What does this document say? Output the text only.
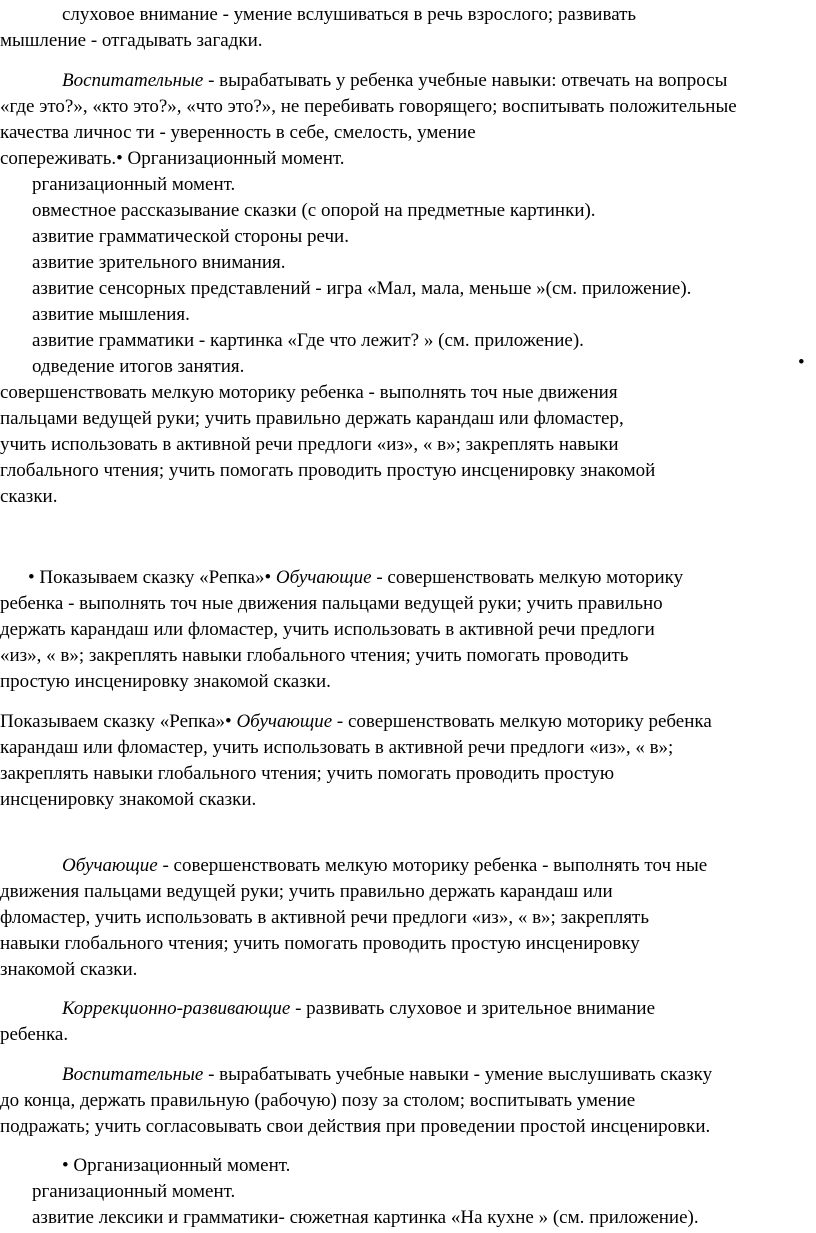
слуховое внимание - умение вслушиваться в речь взрослого; развивать
мышление - отгадывать загадки.
Воспитательные - вырабатывать у ребенка учебные навыки: отвечать на вопросы
«где это?», «кто это?», «что это?», не перебивать говорящего; воспитывать положительные
качества личнос ти - уверенность в себе, смелость, умение
сопереживать.• Организационный момент.
рганизационный момент.
овместное рассказывание сказки (с опорой на предметные картинки).
азвитие грамматической стороны речи.
азвитие зрительного внимания.
азвитие сенсорных представлений - игра «Мал, мала, меньше »(см. приложение).
азвитие мышления.
азвитие грамматики - картинка «Где что лежит? » (см. приложение).
одведение итогов занятия.	•
совершенствовать мелкую моторику ребенка - выполнять точ ные движения
пальцами ведущей руки; учить правильно держать карандаш или фломастер,
учить использовать в активной речи предлоги «из», « в»; закреплять навыки
глобального чтения; учить помогать проводить простую инсценировку знакомой
сказки.
• Показываем сказку «Репка»• Обучающие - совершенствовать мелкую моторику
ребенка - выполнять точ ные движения пальцами ведущей руки; учить правильно
держать карандаш или фломастер, учить использовать в активной речи предлоги
«из», « в»; закреплять навыки глобального чтения; учить помогать проводить
простую инсценировку знакомой сказки.
Показываем сказку «Репка»• Обучающие - совершенствовать мелкую моторику ребенка
карандаш или фломастер, учить использовать в активной речи предлоги «из», « в»;
закреплять навыки глобального чтения; учить помогать проводить простую
инсценировку знакомой сказки.
Обучающие - совершенствовать мелкую моторику ребенка - выполнять точ ные
движения пальцами ведущей руки; учить правильно держать карандаш или
фломастер, учить использовать в активной речи предлоги «из», « в»; закреплять
навыки глобального чтения; учить помогать проводить простую инсценировку
знакомой сказки.
Коррекционно-развивающие - развивать слуховое и зрительное внимание
ребенка.
Воспитательные - вырабатывать учебные навыки - умение выслушивать сказку
до конца, держать правильную (рабочую) позу за столом; воспитывать умение
подражать; учить согласовывать свои действия при проведении простой инсценировки.
• Организационный момент.
рганизационный момент.
азвитие лексики и грамматики- сюжетная картинка «На кухне » (см. приложение).
